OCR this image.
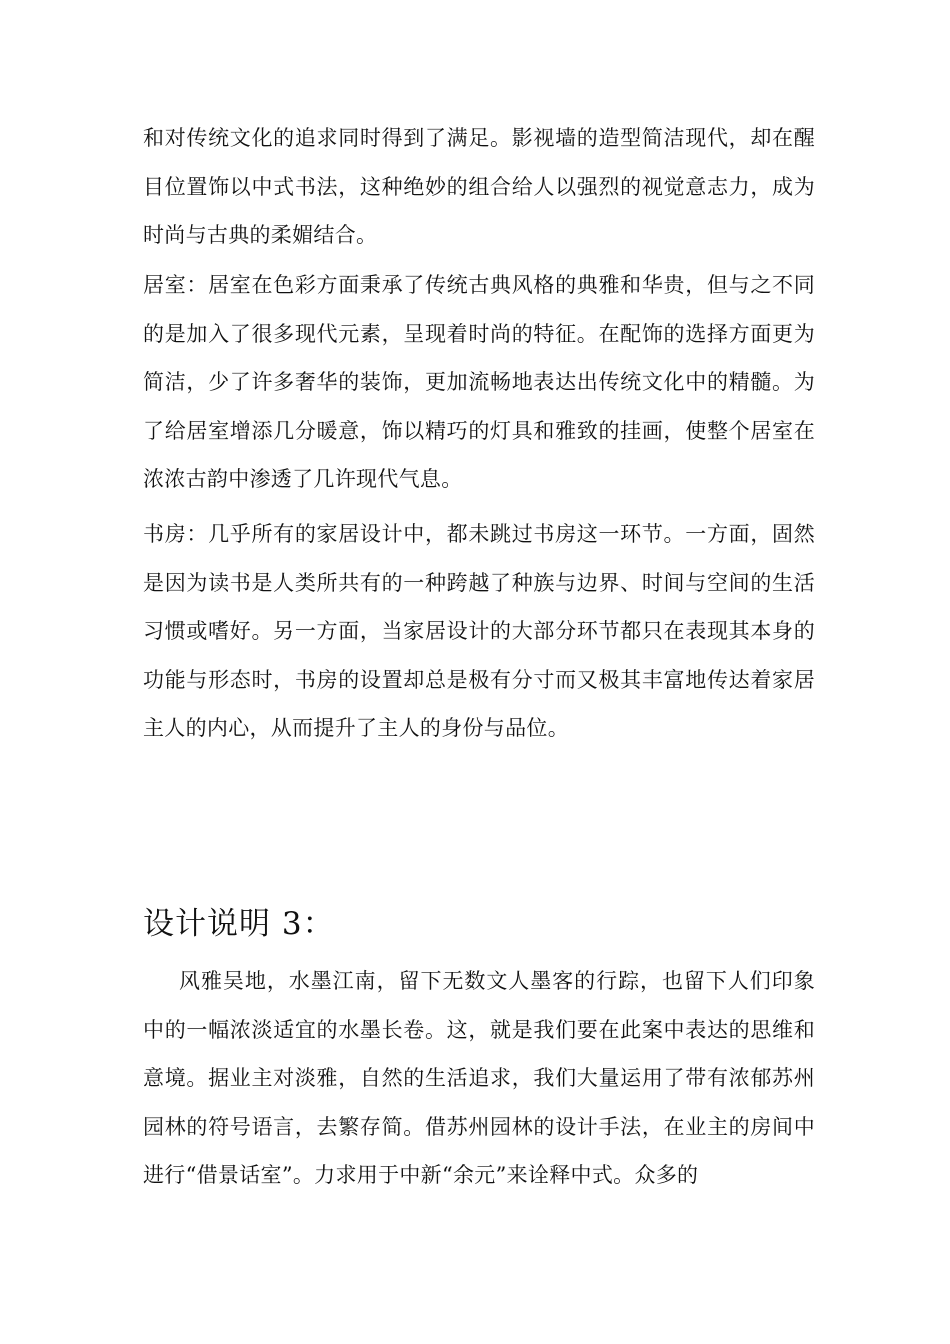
和对传统文化的追求同时得到了满足。影视墙的造型简洁现代，却在醒目位置饰以中式书法，这种绝妙的组合给人以强烈的视觉意志力，成为时尚与古典的柔媚结合。

居室：居室在色彩方面秉承了传统古典风格的典雅和华贵，但与之不同的是加入了很多现代元素，呈现着时尚的特征。在配饰的选择方面更为简洁，少了许多奢华的装饰，更加流畅地表达出传统文化中的精髓。为了给居室增添几分暖意，饰以精巧的灯具和雅致的挂画，使整个居室在浓浓古韵中渗透了几许现代气息。

书房：几乎所有的家居设计中，都未跳过书房这一环节。一方面，固然是因为读书是人类所共有的一种跨越了种族与边界、时间与空间的生活习惯或嗜好。另一方面，当家居设计的大部分环节都只在表现其本身的功能与形态时，书房的设置却总是极有分寸而又极其丰富地传达着家居主人的内心，从而提升了主人的身份与品位。

设计说明 3：

风雅吴地，水墨江南，留下无数文人墨客的行踪，也留下人们印象中的一幅浓淡适宜的水墨长卷。这，就是我们要在此案中表达的思维和意境。据业主对淡雅，自然的生活追求，我们大量运用了带有浓郁苏州园林的符号语言，去繁存简。借苏州园林的设计手法，在业主的房间中进行“借景话室”。力求用于中新“余元”来诠释中式。众多的
